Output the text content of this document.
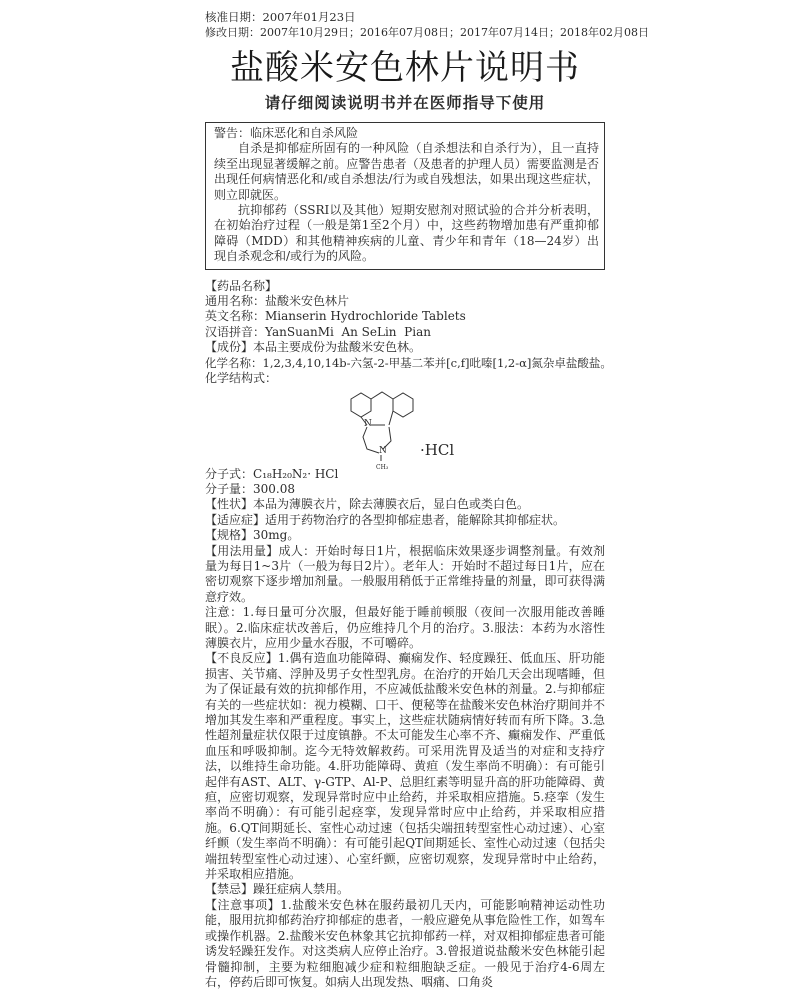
核准日期：2007年01月23日
修改日期：2007年10月29日；2016年07月08日；2017年07月14日；2018年02月08日
盐酸米安色林片说明书
请仔细阅读说明书并在医师指导下使用

警告：临床恶化和自杀风险

自杀是抑郁症所固有的一种风险（自杀想法和自杀行为），且一直持续至出现显著缓解之前。应警告患者（及患者的护理人员）需要监测是否出现任何病情恶化和/或自杀想法/行为或自残想法，如果出现这些症状，则立即就医。

抗抑郁药（SSRI以及其他）短期安慰剂对照试验的合并分析表明，在初始治疗过程（一般是第1至2个月）中，这些药物增加患有严重抑郁障碍（MDD）和其他精神疾病的儿童、青少年和青年（18—24岁）出现自杀观念和/或行为的风险。

【药品名称】

通用名称：盐酸米安色林片

英文名称：Mianserin Hydrochloride Tablets

汉语拼音：YanSuanMi  An SeLin  Pian

【成份】本品主要成份为盐酸米安色林。

化学名称：1,2,3,4,10,14b-六氢-2-甲基二苯并[c,f]吡嗪[1,2-α]氮杂卓盐酸盐。

化学结构式：

N
N
CH₃
·HCl

分子式：C₁₈H₂₀N₂· HCl

分子量：300.08

【性状】本品为薄膜衣片，除去薄膜衣后，显白色或类白色。

【适应症】适用于药物治疗的各型抑郁症患者，能解除其抑郁症状。

【规格】30mg。

【用法用量】成人：开始时每日1片，根据临床效果逐步调整剂量。有效剂量为每日1~3片（一般为每日2片）。老年人：开始时不超过每日1片，应在密切观察下逐步增加剂量。一般服用稍低于正常维持量的剂量，即可获得满意疗效。

注意：1.每日量可分次服，但最好能于睡前顿服（夜间一次服用能改善睡眠）。2.临床症状改善后，仍应维持几个月的治疗。3.服法：本药为水溶性薄膜衣片，应用少量水吞服，不可嚼碎。

【不良反应】1.偶有造血功能障碍、癫痫发作、轻度躁狂、低血压、肝功能损害、关节痛、浮肿及男子女性型乳房。在治疗的开始几天会出现嗜睡，但为了保证最有效的抗抑郁作用，不应减低盐酸米安色林的剂量。2.与抑郁症有关的一些症状如：视力模糊、口干、便秘等在盐酸米安色林治疗期间并不增加其发生率和严重程度。事实上，这些症状随病情好转而有所下降。3.急性超剂量症状仅限于过度镇静。不太可能发生心率不齐、癫痫发作、严重低血压和呼吸抑制。迄今无特效解救药。可采用洗胃及适当的对症和支持疗法，以维持生命功能。4.肝功能障碍、黄疸（发生率尚不明确）：有可能引起伴有AST、ALT、γ-GTP、Al-P、总胆红素等明显升高的肝功能障碍、黄疸，应密切观察，发现异常时应中止给药，并采取相应措施。5.痉挛（发生率尚不明确）：有可能引起痉挛，发现异常时应中止给药，并采取相应措施。6.QT间期延长、室性心动过速（包括尖端扭转型室性心动过速）、心室纤颤（发生率尚不明确）：有可能引起QT间期延长、室性心动过速（包括尖端扭转型室性心动过速）、心室纤颤，应密切观察，发现异常时中止给药，并采取相应措施。

【禁忌】躁狂症病人禁用。

【注意事项】1.盐酸米安色林在服药最初几天内，可能影响精神运动性功能，服用抗抑郁药治疗抑郁症的患者，一般应避免从事危险性工作，如驾车或操作机器。2.盐酸米安色林象其它抗抑郁药一样，对双相抑郁症患者可能诱发轻躁狂发作。对这类病人应停止治疗。3.曾报道说盐酸米安色林能引起骨髓抑制，主要为粒细胞减少症和粒细胞缺乏症。一般见于治疗4-6周左右，停药后即可恢复。如病人出现发热、咽痛、口角炎
